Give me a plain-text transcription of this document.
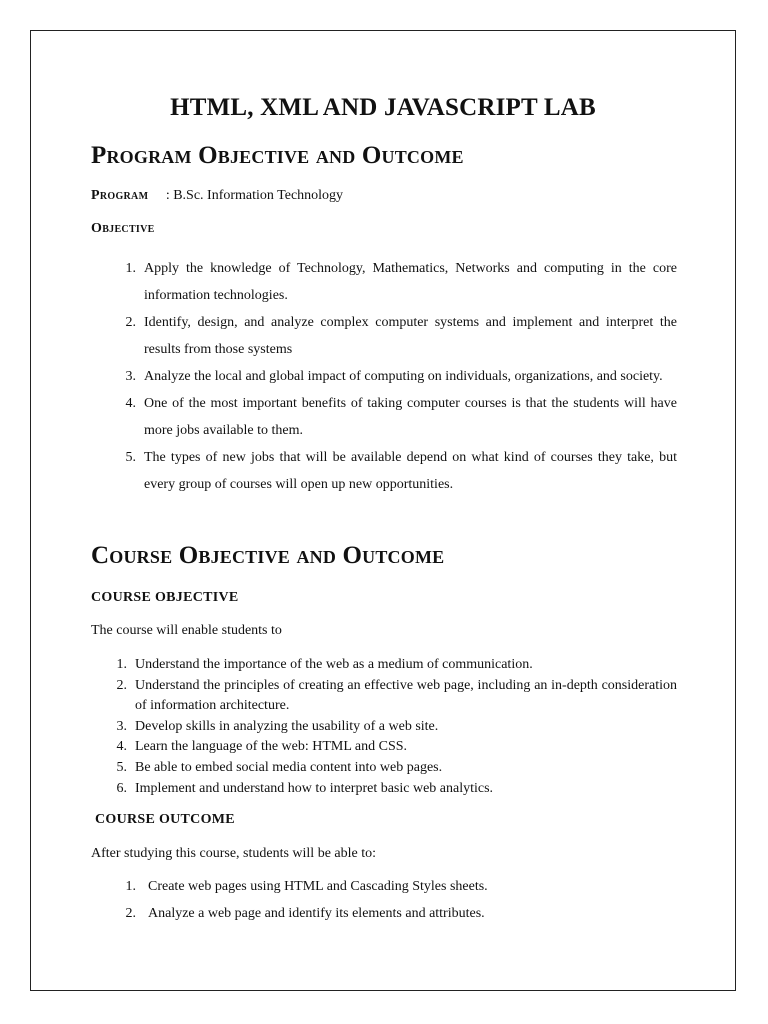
HTML, XML AND JAVASCRIPT LAB
Program Objective and Outcome
Program : B.Sc. Information Technology
Objective
1. Apply the knowledge of Technology, Mathematics, Networks and computing in the core information technologies.
2. Identify, design, and analyze complex computer systems and implement and interpret the results from those systems
3. Analyze the local and global impact of computing on individuals, organizations, and society.
4. One of the most important benefits of taking computer courses is that the students will have more jobs available to them.
5. The types of new jobs that will be available depend on what kind of courses they take, but every group of courses will open up new opportunities.
Course Objective and Outcome
COURSE OBJECTIVE
The course will enable students to
1. Understand the importance of the web as a medium of communication.
2. Understand the principles of creating an effective web page, including an in-depth consideration of information architecture.
3. Develop skills in analyzing the usability of a web site.
4. Learn the language of the web: HTML and CSS.
5. Be able to embed social media content into web pages.
6. Implement and understand how to interpret basic web analytics.
COURSE OUTCOME
After studying this course, students will be able to:
1. Create web pages using HTML and Cascading Styles sheets.
2. Analyze a web page and identify its elements and attributes.
